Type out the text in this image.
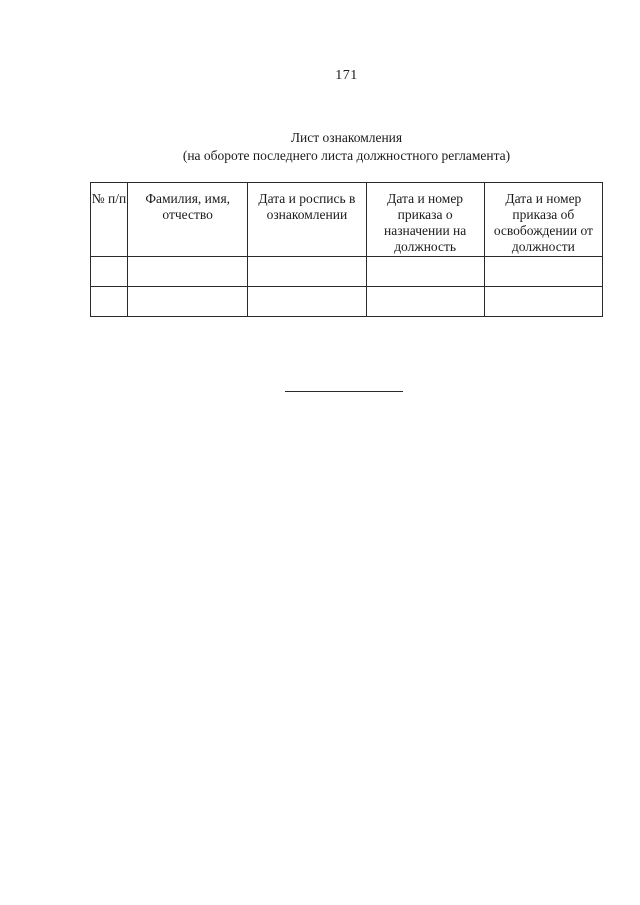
171
Лист ознакомления
(на обороте последнего листа должностного регламента)
№ п/п	Фамилия, имя, отчество	Дата и роспись в ознакомлении	Дата и номер приказа о назначении на должность	Дата и номер приказа об освобождении от должности
